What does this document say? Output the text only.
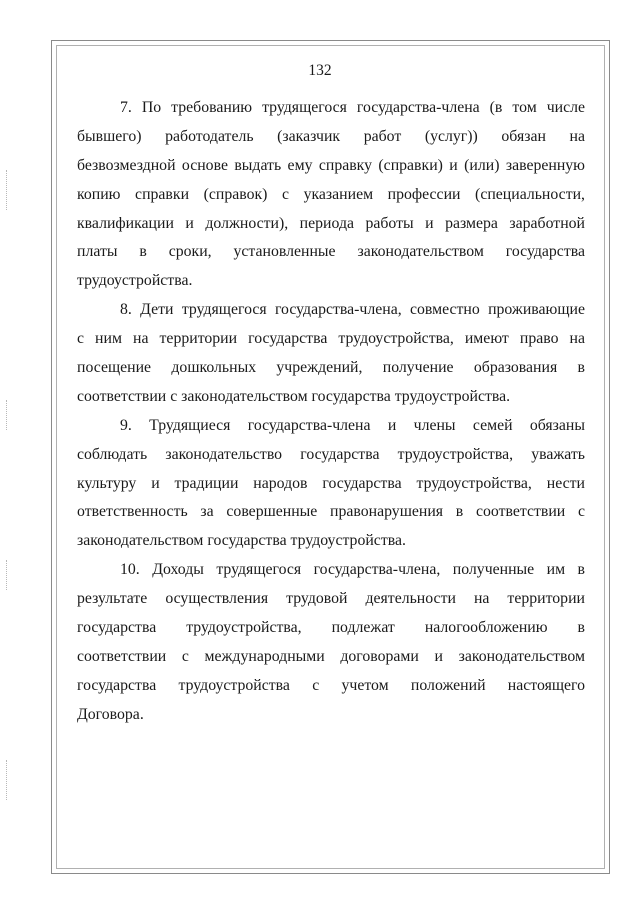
132

7. По требованию трудящегося государства-члена (в том числе
бывшего) работодатель (заказчик работ (услуг)) обязан на
безвозмездной основе выдать ему справку (справки) и (или) заверенную
копию справки (справок) с указанием профессии (специальности,
квалификации и должности), периода работы и размера заработной
платы в сроки, установленные законодательством государства
трудоустройства.

8. Дети трудящегося государства-члена, совместно проживающие
с ним на территории государства трудоустройства, имеют право на
посещение дошкольных учреждений, получение образования в
соответствии с законодательством государства трудоустройства.

9. Трудящиеся государства-члена и члены семей обязаны
соблюдать законодательство государства трудоустройства, уважать
культуру и традиции народов государства трудоустройства, нести
ответственность за совершенные правонарушения в соответствии с
законодательством государства трудоустройства.

10. Доходы трудящегося государства-члена, полученные им в
результате осуществления трудовой деятельности на территории
государства трудоустройства, подлежат налогообложению в
соответствии с международными договорами и законодательством
государства трудоустройства с учетом положений настоящего
Договора.
